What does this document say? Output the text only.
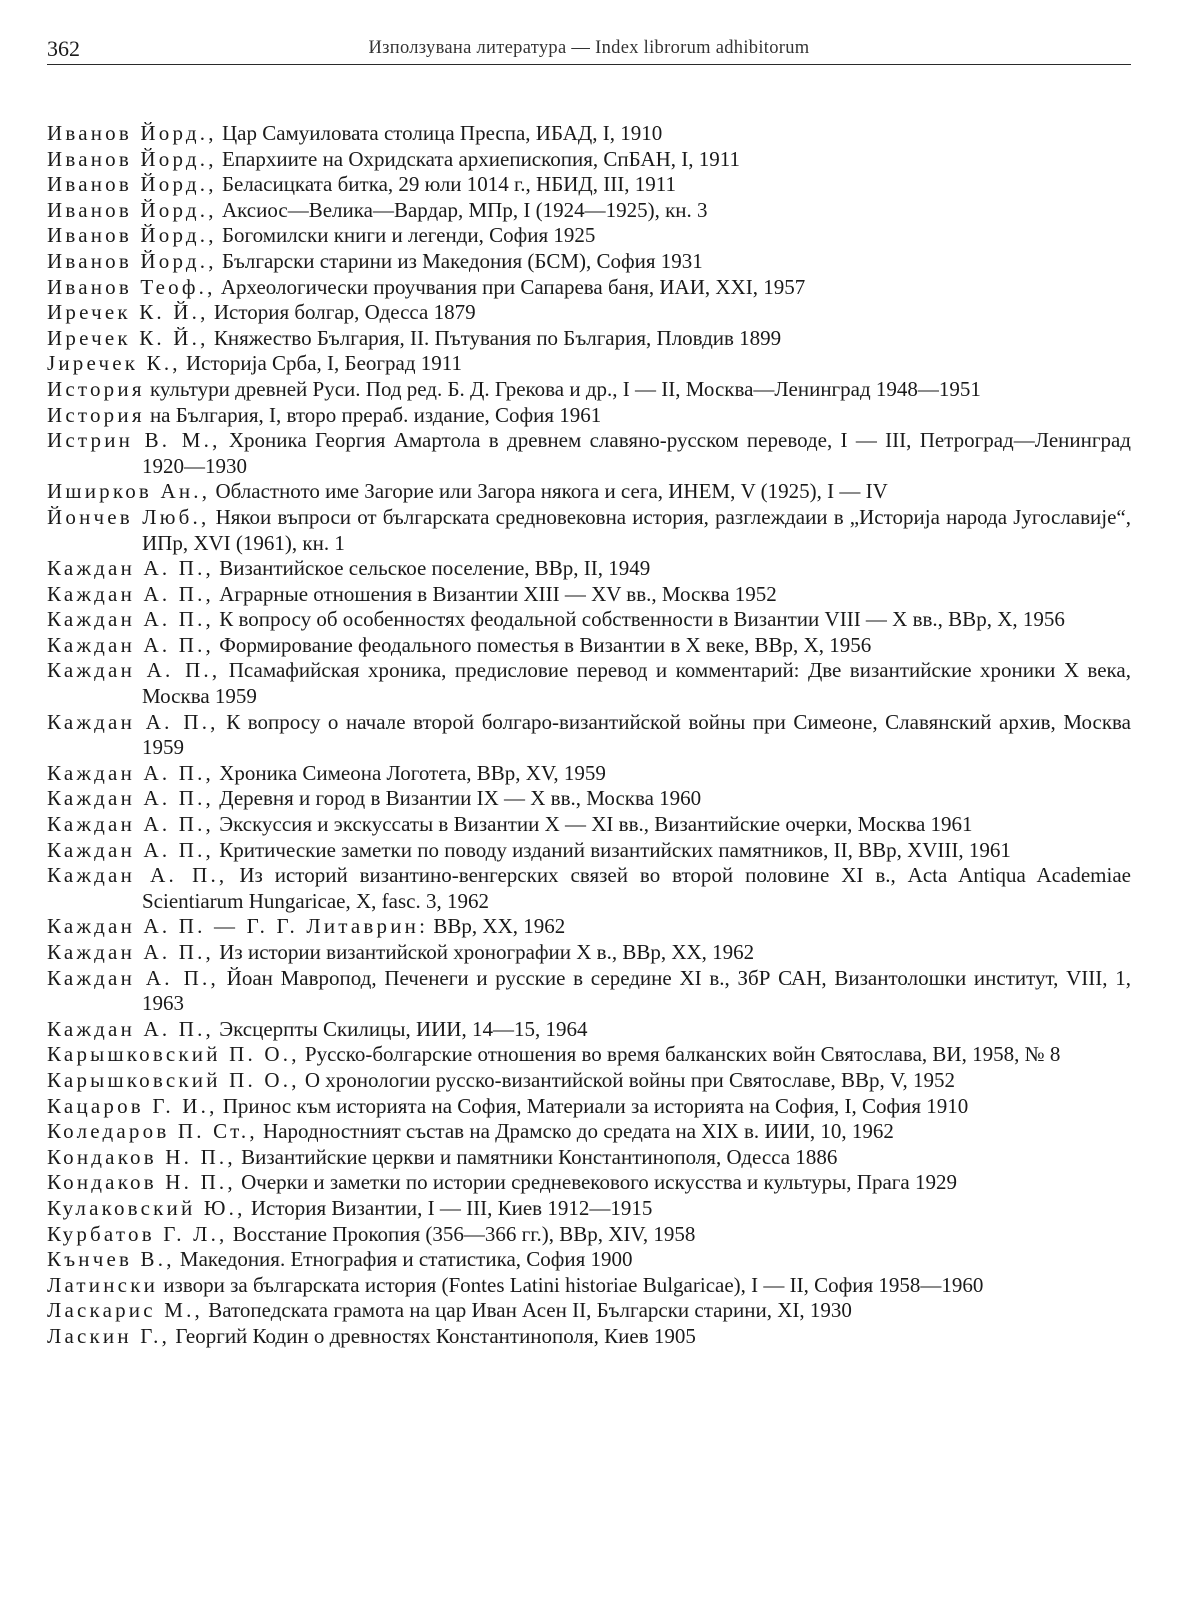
362	Използувана литература — Index librorum adhibitorum
Иванов Йорд., Цар Самуиловата столица Преспа, ИБАД, I, 1910
Иванов Йорд., Епархиите на Охридската архиепископия, СпБАН, I, 1911
Иванов Йорд., Беласицката битка, 29 юли 1014 г., НБИД, III, 1911
Иванов Йорд., Аксиос—Велика—Вардар, МПр, I (1924—1925), кн. 3
Иванов Йорд., Богомилски книги и легенди, София 1925
Иванов Йорд., Български старини из Македония (БСМ), София 1931
Иванов Теоф., Археологически проучвания при Сапарева баня, ИАИ, XXI, 1957
Иречек К. Й., История болгар, Одесса 1879
Иречек К. Й., Княжество България, II. Пътувания по България, Пловдив 1899
Јиречек К., Историја Срба, I, Београд 1911
История культури древней Руси. Под ред. Б. Д. Грекова и др., I — II, Москва—Ленинград 1948—1951
История на България, I, второ прераб. издание, София 1961
Истрин В. М., Хроника Георгия Амартола в древнем славяно-русском переводе, I — III, Петроград—Ленинград 1920—1930
Иширков Ан., Областното име Загорие или Загора някога и сега, ИНЕМ, V (1925), I — IV
Йончев Люб., Някои въпроси от българската средновековна история, разглеждаии в „Историја народа Југославије“, ИПр, XVI (1961), кн. 1
Каждан А. П., Византийское сельское поселение, ВВр, II, 1949
Каждан А. П., Аграрные отношения в Византии XIII — XV вв., Москва 1952
Каждан А. П., К вопросу об особенностях феодальной собственности в Византии VIII — X вв., ВВр, X, 1956
Каждан А. П., Формирование феодального поместья в Византии в X веке, ВВр, X, 1956
Каждан А. П., Псамафийская хроника, предисловие перевод и комментарий: Две византийские хроники X века, Москва 1959
Каждан А. П., К вопросу о начале второй болгаро-византийской войны при Симеоне, Славянский архив, Москва 1959
Каждан А. П., Хроника Симеона Логотета, ВВр, XV, 1959
Каждан А. П., Деревня и город в Византии IX — X вв., Москва 1960
Каждан А. П., Экскуссия и экскуссаты в Византии X — XI вв., Византийские очерки, Москва 1961
Каждан А. П., Критические заметки по поводу изданий византийских памятников, II, ВВр, XVIII, 1961
Каждан А. П., Из историй византино-венгерских связей во второй половине XI в., Acta Antiqua Academiae Scientiarum Hungaricae, X, fasc. 3, 1962
Каждан А. П. — Г. Г. Литаврин: ВВр, XX, 1962
Каждан А. П., Из истории византийской хронографии X в., ВВр, XX, 1962
Каждан А. П., Йоан Мавропод, Печенеги и русские в середине XI в., ЗбР САН, Византолошки институт, VIII, 1, 1963
Каждан А. П., Эксцерпты Скилицы, ИИИ, 14—15, 1964
Карышковский П. О., Русско-болгарские отношения во время балканских войн Святослава, ВИ, 1958, № 8
Карышковский П. О., О хронологии русско-византийской войны при Святославе, ВВр, V, 1952
Кацаров Г. И., Принос към историята на София, Материали за историята на София, I, София 1910
Коледаров П. Ст., Народностният състав на Драмско до средата на XIX в. ИИИ, 10, 1962
Кондаков Н. П., Византийские церкви и памятники Константинополя, Одесса 1886
Кондаков Н. П., Очерки и заметки по истории средневекового искусства и культуры, Прага 1929
Кулаковский Ю., История Византии, I — III, Киев 1912—1915
Курбатов Г. Л., Восстание Прокопия (356—366 гг.), ВВр, XIV, 1958
Кънчев В., Македония. Етнография и статистика, София 1900
Латински извори за българската история (Fontes Latini historiae Bulgaricae), I — II, София 1958—1960
Ласкарис М., Ватопедската грамота на цар Иван Асен II, Български старини, XI, 1930
Ласкин Г., Георгий Кодин о древностях Константинополя, Киев 1905
